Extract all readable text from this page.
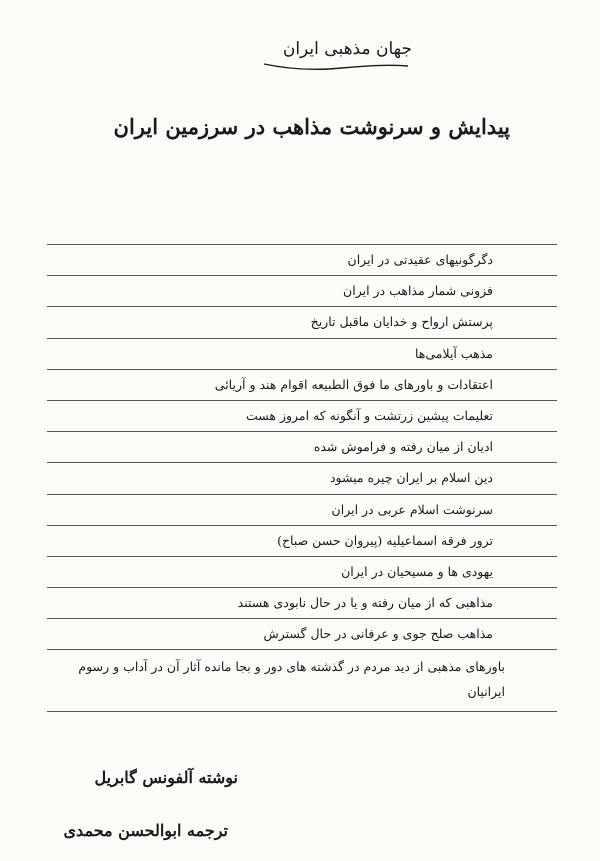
جهان مذهبی ایران
پیدایش و سرنوشت مذاهب در سرزمین ایران
دگرگونیهای عقیدتی در ایران
فزونی شمار مذاهب در ایران
پرستش ارواح و خدایان ماقبل تاریخ
مذهب آیلامی‌ها
اعتقادات و باورهای ما فوق الطبیعه اقوام هند و آریائی
تعلیمات پیشین زرتشت و آنگونه که امروز هست
ادیان از میان رفته و فراموش شده
دین اسلام بر ایران چیره میشود
سرنوشت اسلام عربی در ایران
ترور فرقه اسماعیلیه (پیروان حسن صباح)
یهودی ها و مسیحیان در ایران
مذاهبی که از میان رفته و یا در حال نابودی هستند
مذاهب صلح جوی و عرفانی در حال گسترش
باورهای مذهبی از دید مردم در گذشته های دور و بجا مانده آثار آن در آداب و رسوم ایرانیان
نوشته آلفونس گابریل
ترجمه ابوالحسن محمدی
